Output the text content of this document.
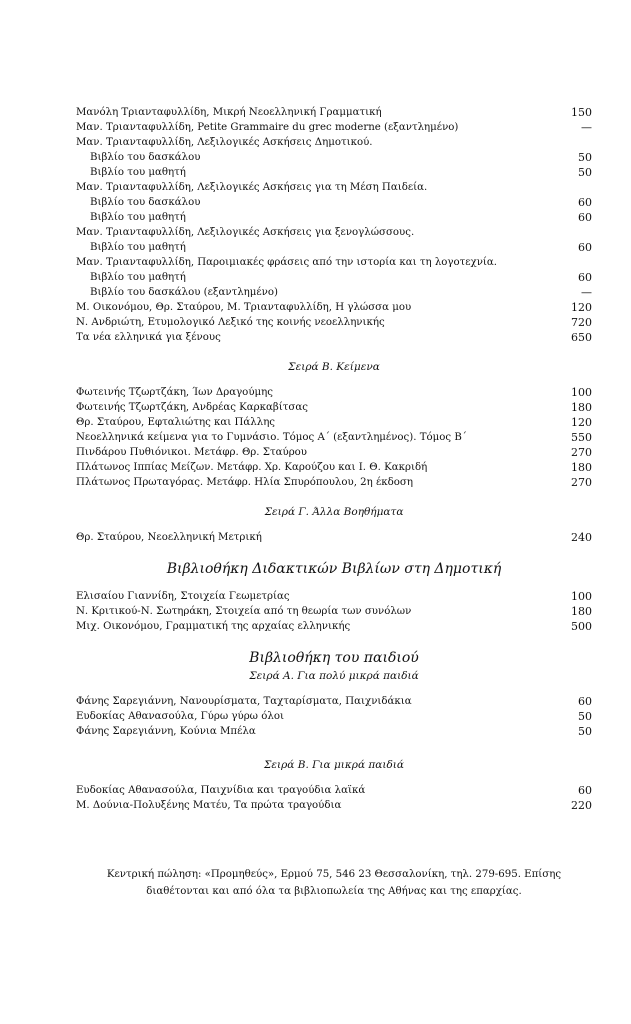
Μανόλη Τριανταφυλλίδη, Μικρή Νεοελληνική Γραμματική	150
Μαν. Τριανταφυλλίδη, Petite Grammaire du grec moderne (εξαντλημένο)	—
Μαν. Τριανταφυλλίδη, Λεξιλογικές Ασκήσεις Δημοτικού.
Βιβλίο του δασκάλου	50
Βιβλίο του μαθητή	50
Μαν. Τριανταφυλλίδη, Λεξιλογικές Ασκήσεις για τη Μέση Παιδεία.
Βιβλίο του δασκάλου	60
Βιβλίο του μαθητή	60
Μαν. Τριανταφυλλίδη, Λεξιλογικές Ασκήσεις για ξενογλώσσους.
Βιβλίο του μαθητή	60
Μαν. Τριανταφυλλίδη, Παροιμιακές φράσεις από την ιστορία και τη λογοτεχνία.
Βιβλίο του μαθητή	60
Βιβλίο του δασκάλου (εξαντλημένο)	—
Μ. Οικονόμου, Θρ. Σταύρου, Μ. Τριανταφυλλίδη, Η γλώσσα μου	120
Ν. Ανδριώτη, Ετυμολογικό Λεξικό της κοινής νεοελληνικής	720
Τα νέα ελληνικά για ξένους	650
Σειρά Β. Κείμενα
Φωτεινής Τζωρτζάκη, Ίων Δραγούμης	100
Φωτεινής Τζωρτζάκη, Ανδρέας Καρκαβίτσας	180
Θρ. Σταύρου, Εφταλιώτης και Πάλλης	120
Νεοελληνικά κείμενα για το Γυμνάσιο. Τόμος Α΄ (εξαντλημένος). Τόμος Β΄	550
Πινδάρου Πυθιόνικοι. Μετάφρ. Θρ. Σταύρου	270
Πλάτωνος Ιππίας Μείζων. Μετάφρ. Χρ. Καρούζου και Ι. Θ. Κακριδή	180
Πλάτωνος Πρωταγόρας. Μετάφρ. Ηλία Σπυρόπουλου, 2η έκδοση	270
Σειρά Γ. Άλλα Βοηθήματα
Θρ. Σταύρου, Νεοελληνική Μετρική	240
Βιβλιοθήκη Διδακτικών Βιβλίων στη Δημοτική
Ελισαίου Γιαννίδη, Στοιχεία Γεωμετρίας	100
Ν. Κριτικού-Ν. Σωτηράκη, Στοιχεία από τη θεωρία των συνόλων	180
Μιχ. Οικονόμου, Γραμματική της αρχαίας ελληνικής	500
Βιβλιοθήκη του παιδιού
Σειρά Α. Για πολύ μικρά παιδιά
Φάνης Σαρεγιάννη, Νανουρίσματα, Ταχταρίσματα, Παιχνιδάκια	60
Ευδοκίας Αθανασούλα, Γύρω γύρω όλοι	50
Φάνης Σαρεγιάννη, Κούνια Μπέλα	50
Σειρά Β. Για μικρά παιδιά
Ευδοκίας Αθανασούλα, Παιχνίδια και τραγούδια λαϊκά	60
Μ. Δούνια-Πολυξένης Ματέυ, Τα πρώτα τραγούδια	220
Κεντρική πώληση: «Προμηθεύς», Ερμού 75, 546 23 Θεσσαλονίκη, τηλ. 279-695. Επίσης
διαθέτονται και από όλα τα βιβλιοπωλεία της Αθήνας και της επαρχίας.
